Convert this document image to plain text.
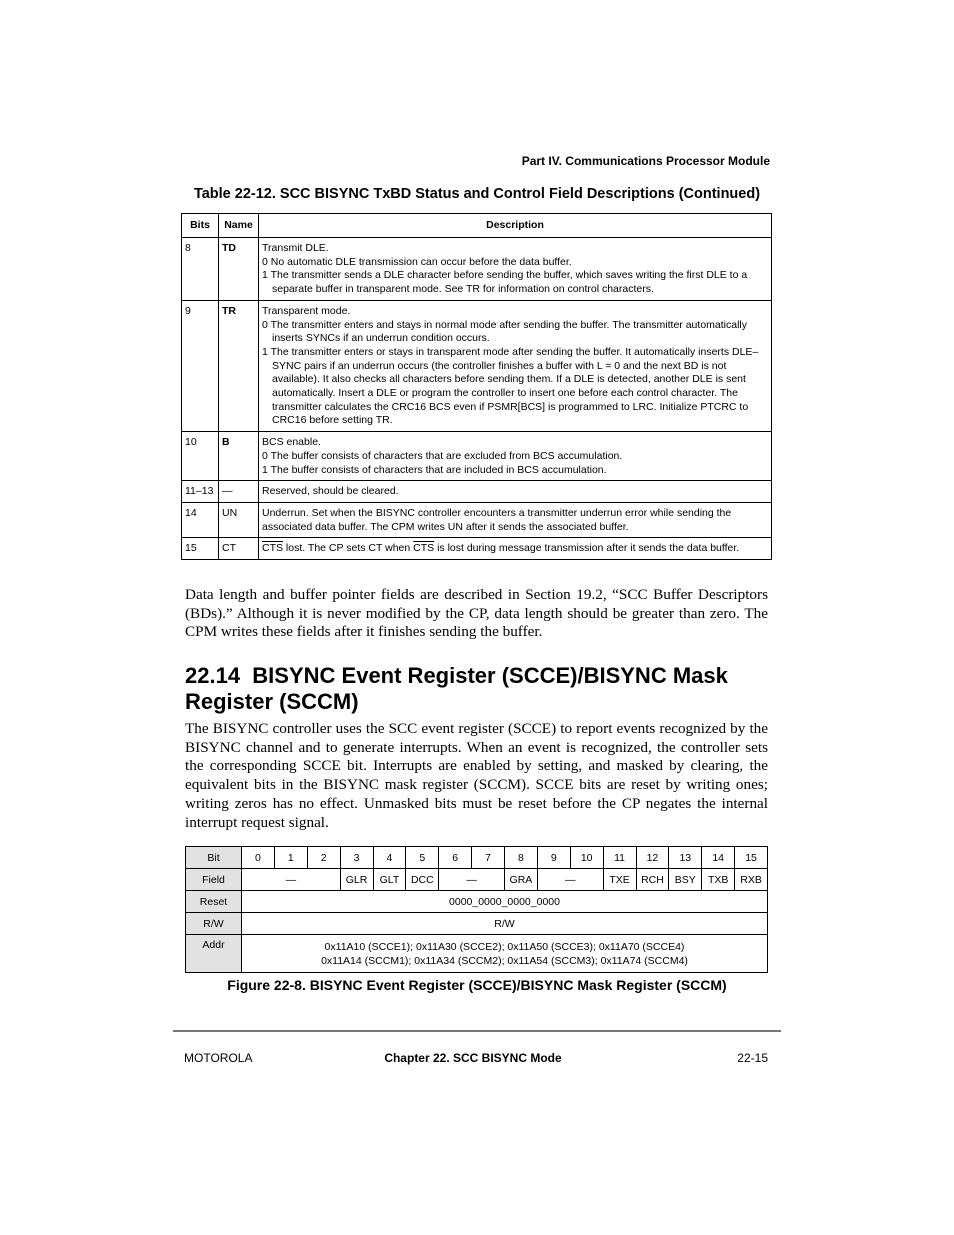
Part IV. Communications Processor Module
Table 22-12. SCC BISYNC TxBD Status and Control Field Descriptions (Continued)
Bits	Name	Description
8	TD	Transmit DLE.
0 No automatic DLE transmission can occur before the data buffer.
1 The transmitter sends a DLE character before sending the buffer, which saves writing the first DLE to a separate buffer in transparent mode. See TR for information on control characters.

9	TR	Transparent mode.
0 The transmitter enters and stays in normal mode after sending the buffer. The transmitter automatically inserts SYNCs if an underrun condition occurs.
1 The transmitter enters or stays in transparent mode after sending the buffer. It automatically inserts DLE–SYNC pairs if an underrun occurs (the controller finishes a buffer with L = 0 and the next BD is not available). It also checks all characters before sending them. If a DLE is detected, another DLE is sent automatically. Insert a DLE or program the controller to insert one before each control character. The transmitter calculates the CRC16 BCS even if PSMR[BCS] is programmed to LRC. Initialize PTCRC to CRC16 before setting TR.

10	B	BCS enable.
0 The buffer consists of characters that are excluded from BCS accumulation.
1 The buffer consists of characters that are included in BCS accumulation.

11–13	—	Reserved, should be cleared.

14	UN	Underrun. Set when the BISYNC controller encounters a transmitter underrun error while sending the associated data buffer. The CPM writes UN after it sends the associated buffer.

15	CT	$\overline{CTS}$ lost. The CP sets CT when $\overline{CTS}$ is lost during message transmission after it sends the data buffer.

Data length and buffer pointer fields are described in Section 19.2, “SCC Buffer Descriptors (BDs).” Although it is never modified by the CP, data length should be greater than zero. The CPM writes these fields after it finishes sending the buffer.

22.14 BISYNC Event Register (SCCE)/BISYNC Mask Register (SCCM)

The BISYNC controller uses the SCC event register (SCCE) to report events recognized by the BISYNC channel and to generate interrupts. When an event is recognized, the controller sets the corresponding SCCE bit. Interrupts are enabled by setting, and masked by clearing, the equivalent bits in the BISYNC mask register (SCCM). SCCE bits are reset by writing ones; writing zeros has no effect. Unmasked bits must be reset before the CP negates the internal interrupt request signal.

Bit	0	1	2	3	4	5	6	7	8	9	10	11	12	13	14	15
Field	—			GLR	GLT	DCC	—		GRA	—		TXE	RCH	BSY	TXB	RXB
Reset	0000_0000_0000_0000															
R/W	R/W															
Addr	0x11A10 (SCCE1); 0x11A30 (SCCE2); 0x11A50 (SCCE3); 0x11A70 (SCCE4)
0x11A14 (SCCM1); 0x11A34 (SCCM2); 0x11A54 (SCCM3); 0x11A74 (SCCM4)															
Figure 22-8. BISYNC Event Register (SCCE)/BISYNC Mask Register (SCCM)
MOTOROLA	Chapter 22. SCC BISYNC Mode	22-15
